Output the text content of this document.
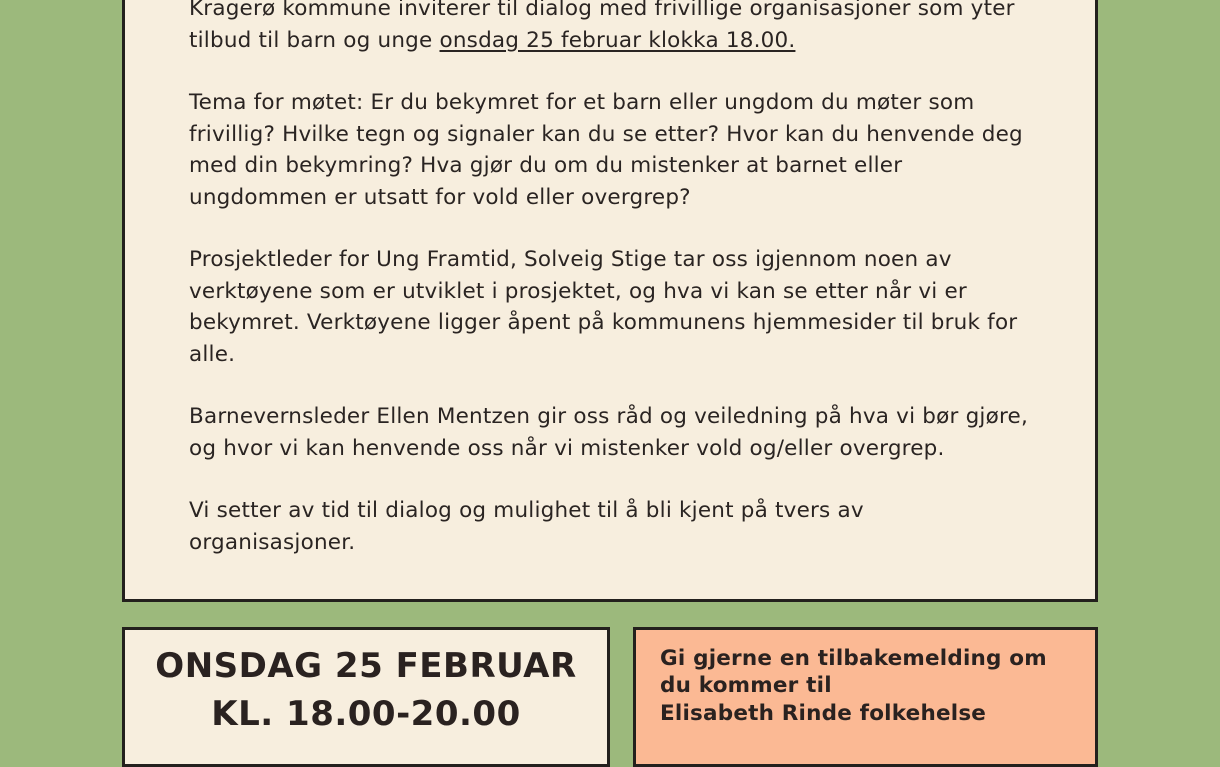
Kragerø kommune inviterer til dialog med frivillige organisasjoner som yter tilbud til barn og unge onsdag 25 februar klokka 18.00.

Tema for møtet: Er du bekymret for et barn eller ungdom du møter som frivillig? Hvilke tegn og signaler kan du se etter? Hvor kan du henvende deg med din bekymring? Hva gjør du om du mistenker at barnet eller ungdommen er utsatt for vold eller overgrep?

Prosjektleder for Ung Framtid, Solveig Stige tar oss igjennom noen av verktøyene som er utviklet i prosjektet, og hva vi kan se etter når vi er bekymret. Verktøyene ligger åpent på kommunens hjemmesider til bruk for alle.

Barnevernsleder Ellen Mentzen gir oss råd og veiledning på hva vi bør gjøre, og hvor vi kan henvende oss når vi mistenker vold og/eller overgrep.

Vi setter av tid til dialog og mulighet til å bli kjent på tvers av organisasjoner.

ONSDAG 25 FEBRUAR
KL. 18.00-20.00
Gi gjerne en tilbakemelding om du kommer til
Elisabeth Rinde folkehelse
